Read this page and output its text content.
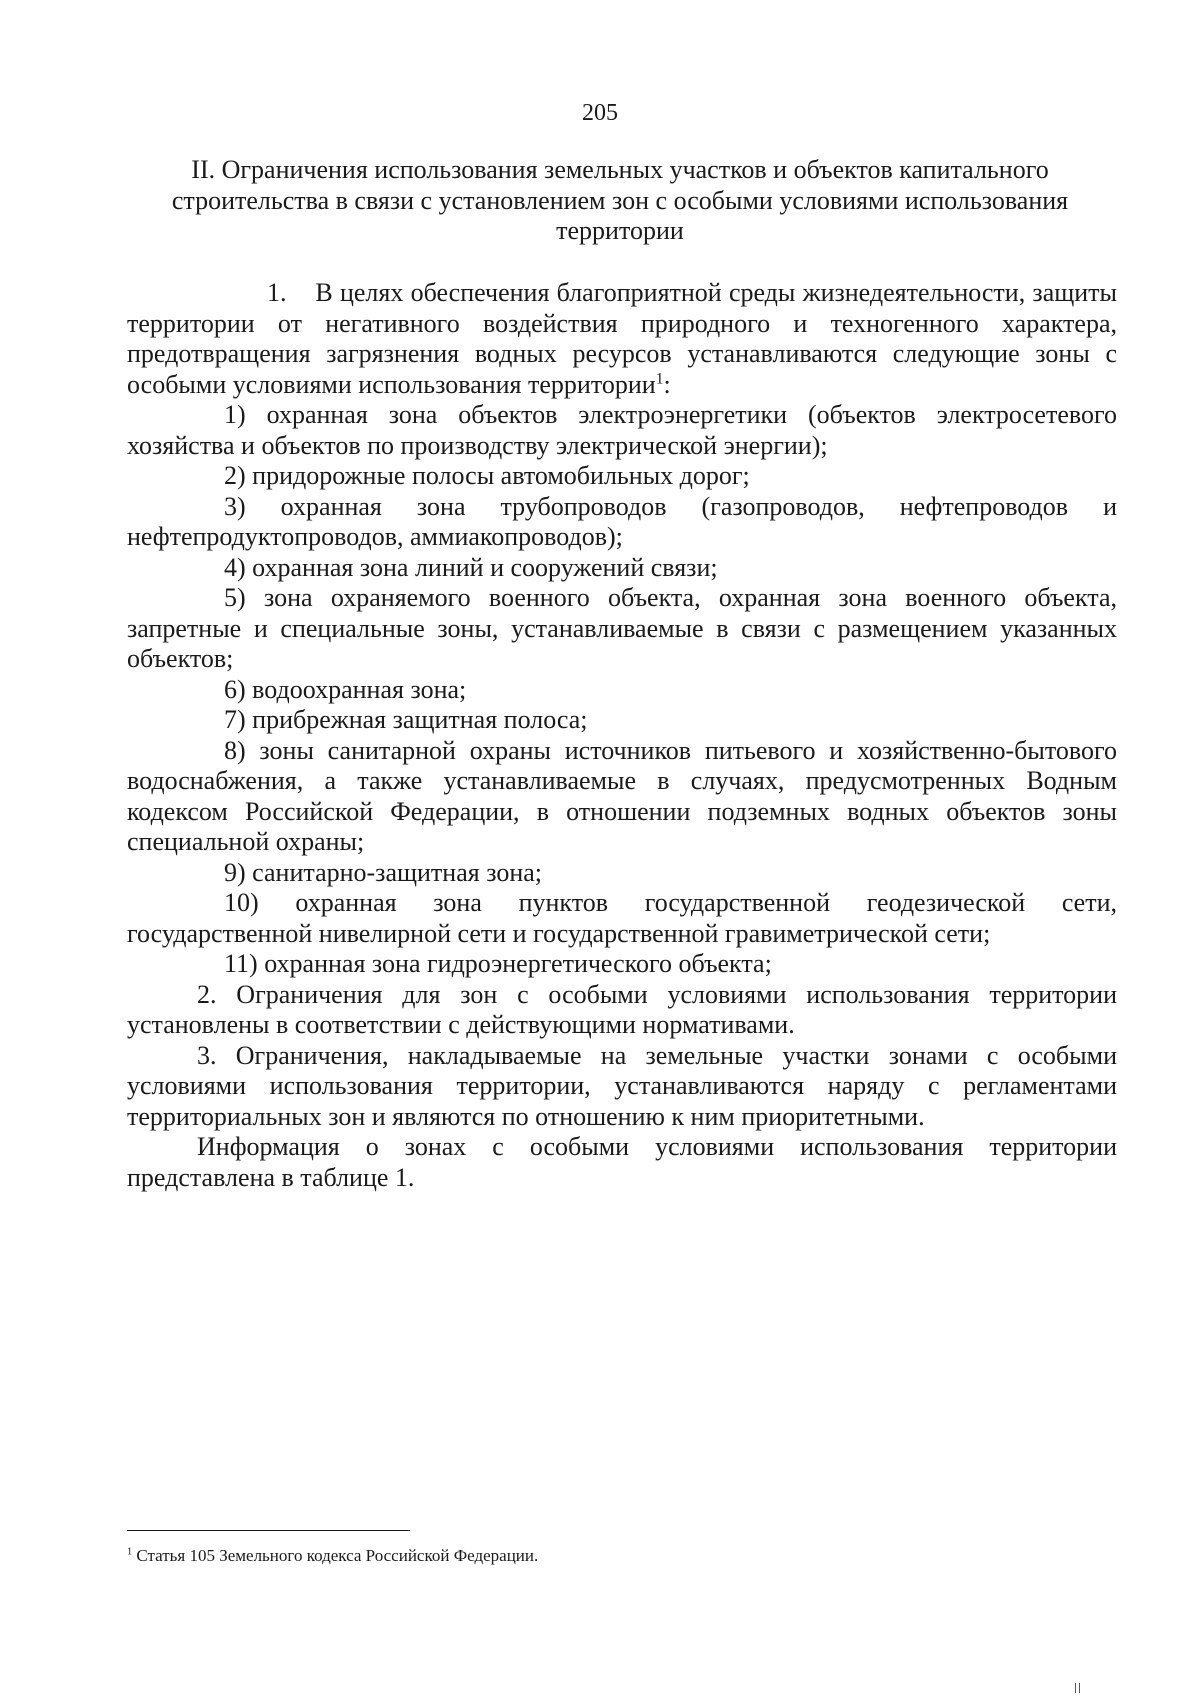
205
II. Ограничения использования земельных участков и объектов капитального строительства в связи с установлением зон с особыми условиями использования территории

1. В целях обеспечения благоприятной среды жизнедеятельности, защиты территории от негативного воздействия природного и техногенного характера, предотвращения загрязнения водных ресурсов устанавливаются следующие зоны с особыми условиями использования территории$^1$:

1) охранная зона объектов электроэнергетики (объектов электросетевого хозяйства и объектов по производству электрической энергии);

2) придорожные полосы автомобильных дорог;

3) охранная зона трубопроводов (газопроводов, нефтепроводов и нефтепродуктопроводов, аммиакопроводов);

4) охранная зона линий и сооружений связи;

5) зона охраняемого военного объекта, охранная зона военного объекта, запретные и специальные зоны, устанавливаемые в связи с размещением указанных объектов;

6) водоохранная зона;

7) прибрежная защитная полоса;

8) зоны санитарной охраны источников питьевого и хозяйственно-бытового водоснабжения, а также устанавливаемые в случаях, предусмотренных Водным кодексом Российской Федерации, в отношении подземных водных объектов зоны специальной охраны;

9) санитарно-защитная зона;

10) охранная зона пунктов государственной геодезической сети, государственной нивелирной сети и государственной гравиметрической сети;

11) охранная зона гидроэнергетического объекта;

2. Ограничения для зон с особыми условиями использования территории установлены в соответствии с действующими нормативами.

3. Ограничения, накладываемые на земельные участки зонами с особыми условиями использования территории, устанавливаются наряду с регламентами территориальных зон и являются по отношению к ним приоритетными.

Информация о зонах с особыми условиями использования территории представлена в таблице 1.

$^1$ Статья 105 Земельного кодекса Российской Федерации.
